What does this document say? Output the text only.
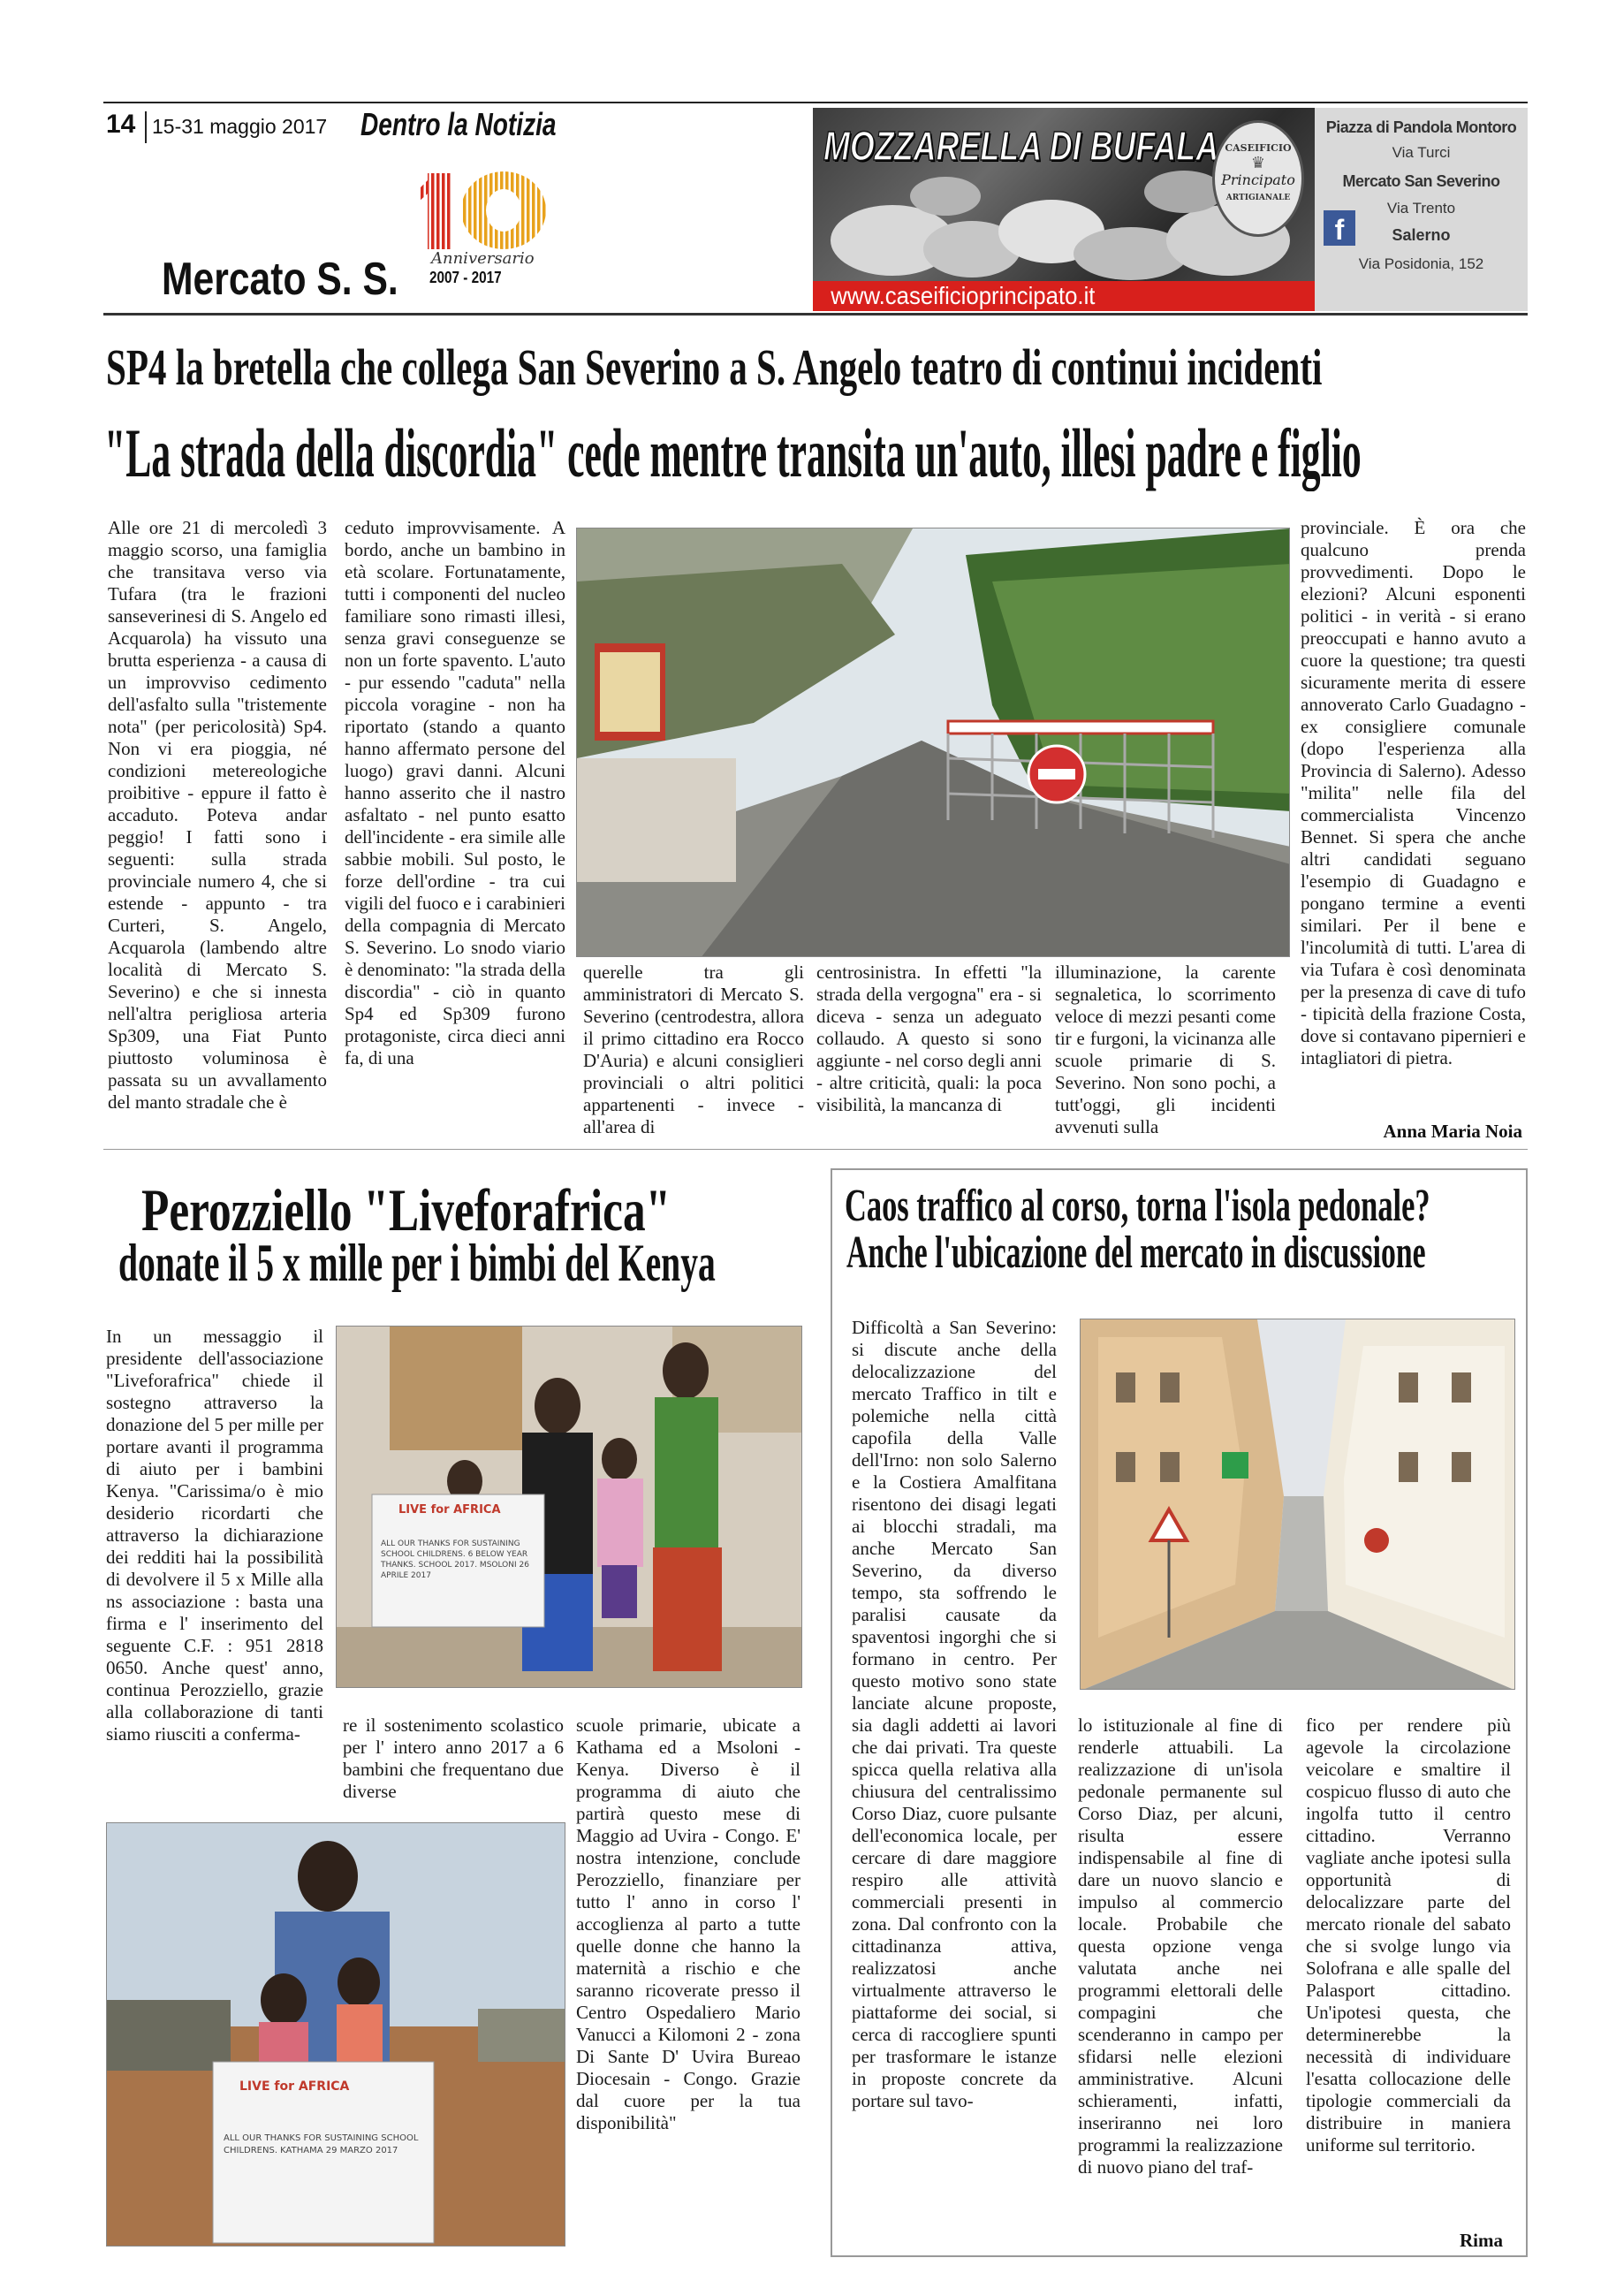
14 15-31 maggio 2017 Dentro la Notizia
Anniversario
2007 - 2017
Mercato S. S.
MOZZARELLA DI BUFALA CASEIFICIO
♛
Principato
ARTIGIANALE
www.caseificioprincipato.it
Piazza di Pandola Montoro
Via Turci
Mercato San Severino
Via Trento
Salerno
Via Posidonia, 152
f
SP4 la bretella che collega San Severino a S. Angelo teatro di continui incidenti
"La strada della discordia" cede mentre transita un'auto, illesi padre e figlio
Alle ore 21 di mercoledì 3 maggio scorso, una famiglia che transitava verso via Tufara (tra le frazioni sanseverinesi di S. Angelo ed Acquarola) ha vissuto una brutta esperienza - a causa di un improvviso cedimento dell'asfalto sulla "tristemente nota" (per pericolosità) Sp4. Non vi era pioggia, né condizioni metereologiche proibitive - eppure il fatto è accaduto. Poteva andar peggio! I fatti sono i seguenti: sulla strada provinciale numero 4, che si estende - appunto - tra Curteri, S. Angelo, Acquarola (lambendo altre località di Mercato S. Severino) e che si innesta nell'altra perigliosa arteria Sp309, una Fiat Punto piuttosto voluminosa è passata su un avvallamento del manto stradale che è
ceduto improvvisamente. A bordo, anche un bambino in età scolare. Fortunatamente, tutti i componenti del nucleo familiare sono rimasti illesi, senza gravi conseguenze se non un forte spavento. L'auto - pur essendo "caduta" nella piccola voragine - non ha riportato (stando a quanto hanno affermato persone del luogo) gravi danni. Alcuni hanno asserito che il nastro asfaltato - nel punto esatto dell'incidente - era simile alle sabbie mobili. Sul posto, le forze dell'ordine - tra cui vigili del fuoco e i carabinieri della compagnia di Mercato S. Severino. Lo snodo viario è denominato: "la strada della discordia" - ciò in quanto Sp4 ed Sp309 furono protagoniste, circa dieci anni fa, di una
querelle tra gli amministratori di Mercato S. Severino (centrodestra, allora il primo cittadino era Rocco D'Auria) e alcuni consiglieri provinciali o altri politici appartenenti - invece - all'area di
centrosinistra. In effetti "la strada della vergogna" era - si diceva - senza un adeguato collaudo. A questo si sono aggiunte - nel corso degli anni - altre criticità, quali: la poca visibilità, la mancanza di
illuminazione, la carente segnaletica, lo scorrimento veloce di mezzi pesanti come tir e furgoni, la vicinanza alle scuole primarie di S. Severino. Non sono pochi, a tutt'oggi, gli incidenti avvenuti sulla
provinciale. È ora che qualcuno prenda provvedimenti. Dopo le elezioni? Alcuni esponenti politici - in verità - si erano preoccupati e hanno avuto a cuore la questione; tra questi sicuramente merita di essere annoverato Carlo Guadagno - ex consigliere comunale (dopo l'esperienza alla Provincia di Salerno). Adesso "milita" nelle fila del commercialista Vincenzo Bennet. Si spera che anche altri candidati seguano l'esempio di Guadagno e pongano termine a eventi similari. Per il bene e l'incolumità di tutti. L'area di via Tufara è così denominata per la presenza di cave di tufo - tipicità della frazione Costa, dove si contavano pipernieri e intagliatori di pietra.
Anna Maria Noia
Perozziello "Liveforafrica"
donate il 5 x mille per i bimbi del Kenya
In un messaggio il presidente dell'associazione "Liveforafrica" chiede il sostegno attraverso la donazione del 5 per mille per portare avanti il programma di aiuto per i bambini Kenya. "Carissima/o è mio desiderio ricordarti che attraverso la dichiarazione dei redditi hai la possibilità di devolvere il 5 x Mille alla ns associazione : basta una firma e l' inserimento del seguente C.F. : 951 2818 0650. Anche quest' anno, continua Perozziello, grazie alla collaborazione di tanti siamo riusciti a conferma-
LIVE for AFRICA
ALL OUR THANKS FOR SUSTAINING SCHOOL CHILDRENS. 6 BELOW YEAR THANKS. SCHOOL 2017. MSOLONI 26 APRILE 2017
re il sostenimento scolastico per l' intero anno 2017 a 6 bambini che frequentano due diverse
scuole primarie, ubicate a Kathama ed a Msoloni - Kenya. Diverso è il programma di aiuto che partirà questo mese di Maggio ad Uvira - Congo. E' nostra intenzione, conclude Perozziello, finanziare per tutto l' anno in corso l' accoglienza al parto a tutte quelle donne che hanno la maternità a rischio e che saranno ricoverate presso il Centro Ospedaliero Mario Vanucci a Kilomoni 2 - zona Di Sante D' Uvira Bureao Diocesain - Congo. Grazie dal cuore per la tua disponibilità"
LIVE for AFRICA
ALL OUR THANKS FOR SUSTAINING SCHOOL CHILDRENS. KATHAMA 29 MARZO 2017
Caos traffico al corso, torna l'isola pedonale?
Anche l'ubicazione del mercato in discussione
Difficoltà a San Severino: si discute anche della delocalizzazione del mercato Traffico in tilt e polemiche nella città capofila della Valle dell'Irno: non solo Salerno e la Costiera Amalfitana risentono dei disagi legati ai blocchi stradali, ma anche Mercato San Severino, da diverso tempo, sta soffrendo le paralisi causate da spaventosi ingorghi che si formano in centro. Per questo motivo sono state lanciate alcune proposte, sia dagli addetti ai lavori che dai privati. Tra queste spicca quella relativa alla chiusura del centralissimo Corso Diaz, cuore pulsante dell'economica locale, per cercare di dare maggiore respiro alle attività commerciali presenti in zona. Dal confronto con la cittadinanza attiva, realizzatosi anche virtualmente attraverso le piattaforme dei social, si cerca di raccogliere spunti per trasformare le istanze in proposte concrete da portare sul tavo-
lo istituzionale al fine di renderle attuabili. La realizzazione di un'isola pedonale permanente sul Corso Diaz, per alcuni, risulta essere indispensabile al fine di dare un nuovo slancio e impulso al commercio locale. Probabile che questa opzione venga valutata anche nei programmi elettorali delle compagini che scenderanno in campo per sfidarsi nelle elezioni amministrative. Alcuni schieramenti, infatti, inseriranno nei loro programmi la realizzazione di nuovo piano del traf-
fico per rendere più agevole la circolazione veicolare e smaltire il cospicuo flusso di auto che ingolfa tutto il centro cittadino. Verranno vagliate anche ipotesi sulla opportunità di delocalizzare parte del mercato rionale del sabato che si svolge lungo via Solofrana e alle spalle del Palasport cittadino. Un'ipotesi questa, che determinerebbe la necessità di individuare l'esatta collocazione delle tipologie commerciali da distribuire in maniera uniforme sul territorio.
Rima
